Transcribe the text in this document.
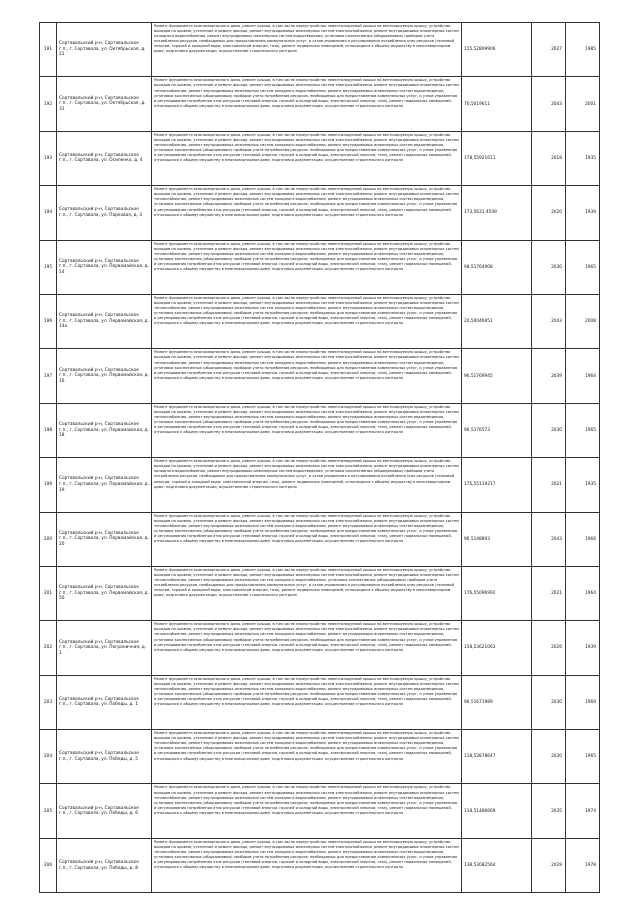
191	Сортавальский р-н, Сортавальское г.п., г. Сортавала, ул. Октябрьская, д. 21	Ремонт фундамента многоквартирного дома, ремонт крыши, в том числе переустройство невентилируемой крыши на вентилируемую крышу, устройство выходов на кровлю, утепление и ремонт фасада, ремонт внутридомовых инженерных систем электроснабжения, ремонт внутридомовых инженерных систем холодного водоснабжения, ремонт внутридомовых инженерных систем водоотведения, установка коллективных (общедомовых) приборов учета потребления ресурсов, необходимых для предоставления коммунальных услуг, и узлов управления и регулирования потребления этих ресурсов (тепловой энергии, горячей и холодной воды, электрической энергии, газа), ремонт подвальных помещений, относящихся к общему имуществу в многоквартирном доме, подготовка документации, осуществление строительного контроля	155,52809906	2027	1985
192	Сортавальский р-н, Сортавальское г.п., г. Сортавала, ул. Октябрьская, д. 31	Ремонт фундамента многоквартирного дома, ремонт крыши, в том числе переустройство невентилируемой крыши на вентилируемую крышу, устройство выходов на кровлю, утепление и ремонт фасада, ремонт внутридомовых инженерных систем электроснабжения, ремонт внутридомовых инженерных систем теплоснабжения, ремонт внутридомовых инженерных систем холодного водоснабжения, ремонт внутридомовых инженерных систем водоотведения, установка коллективных (общедомовых) приборов учета потребления ресурсов, необходимых для предоставления коммунальных услуг, и узлов управления и регулирования потребления этих ресурсов (тепловой энергии, горячей и холодной воды, электрической энергии, газа), ремонт подвальных помещений, относящихся к общему имуществу в многоквартирном доме, подготовка документации, осуществление строительного контроля	70,5019611	2043	2001
193	Сортавальский р-н, Сортавальское г.п., г. Сортавала, ул. Осипенко, д. 4	Ремонт фундамента многоквартирного дома, ремонт крыши, в том числе переустройство невентилируемой крыши на вентилируемую крышу, устройство выходов на кровлю, утепление и ремонт фасада, ремонт внутридомовых инженерных систем электроснабжения, ремонт внутридомовых инженерных систем теплоснабжения, ремонт внутридомовых инженерных систем холодного водоснабжения, ремонт внутридомовых инженерных систем водоотведения, установка коллективных (общедомовых) приборов учета потребления ресурсов, необходимых для предоставления коммунальных услуг, и узлов управления и регулирования потребления этих ресурсов (тепловой энергии, горячей и холодной воды, электрической энергии, газа), ремонт подвальных помещений, относящихся к общему имуществу в многоквартирном доме, подготовка документации, осуществление строительного контроля	178,55921611	2018	1935
194	Сортавальский р-н, Сортавальское г.п., г. Сортавала, ул. Парковая, д. 3	Ремонт фундамента многоквартирного дома, ремонт крыши, в том числе переустройство невентилируемой крыши на вентилируемую крышу, устройство выходов на кровлю, утепление и ремонт фасада, ремонт внутридомовых инженерных систем электроснабжения, ремонт внутридомовых инженерных систем теплоснабжения, ремонт внутридомовых инженерных систем холодного водоснабжения, ремонт внутридомовых инженерных систем водоотведения, установка коллективных (общедомовых) приборов учета потребления ресурсов, необходимых для предоставления коммунальных услуг, и узлов управления и регулирования потребления этих ресурсов (тепловой энергии, горячей и холодной воды, электрической энергии, газа), ремонт подвальных помещений, относящихся к общему имуществу в многоквартирном доме, подготовка документации, осуществление строительного контроля	173,5631 4549	2020	1939
195	Сортавальский р-н, Сортавальское г.п., г. Сортавала, ул. Первомайская, д. 14	Ремонт фундамента многоквартирного дома, ремонт крыши, в том числе переустройство невентилируемой крыши на вентилируемую крышу, устройство выходов на кровлю, утепление и ремонт фасада, ремонт внутридомовых инженерных систем электроснабжения, ремонт внутридомовых инженерных систем теплоснабжения, ремонт внутридомовых инженерных систем холодного водоснабжения, ремонт внутридомовых инженерных систем водоотведения, установка коллективных (общедомовых) приборов учета потребления ресурсов, необходимых для предоставления коммунальных услуг, и узлов управления и регулирования потребления этих ресурсов (тепловой энергии, горячей и холодной воды, электрической энергии, газа), ремонт подвальных помещений, относящихся к общему имуществу в многоквартирном доме, подготовка документации, осуществление строительного контроля	98,51764908	2030	1965
196	Сортавальский р-н, Сортавальское г.п., г. Сортавала, ул. Первомайская, д. 14а	Ремонт фундамента многоквартирного дома, ремонт крыши, в том числе переустройство невентилируемой крыши на вентилируемую крышу, устройство выходов на кровлю, утепление и ремонт фасада, ремонт внутридомовых инженерных систем электроснабжения, ремонт внутридомовых инженерных систем теплоснабжения, ремонт внутридомовых инженерных систем холодного водоснабжения, ремонт внутридомовых инженерных систем водоотведения, установка коллективных (общедомовых) приборов учета потребления ресурсов, необходимых для предоставления коммунальных услуг, и узлов управления и регулирования потребления этих ресурсов (тепловой энергии, горячей и холодной воды, электрической энергии, газа), ремонт подвальных помещений, относящихся к общему имуществу в многоквартирном доме, подготовка документации, осуществление строительного контроля	20,50046951	2043	2008
197	Сортавальский р-н, Сортавальское г.п., г. Сортавала, ул. Первомайская, д. 16	Ремонт фундамента многоквартирного дома, ремонт крыши, в том числе переустройство невентилируемой крыши на вентилируемую крышу, устройство выходов на кровлю, утепление и ремонт фасада, ремонт внутридомовых инженерных систем электроснабжения, ремонт внутридомовых инженерных систем теплоснабжения, ремонт внутридомовых инженерных систем холодного водоснабжения, ремонт внутридомовых инженерных систем водоотведения, установка коллективных (общедомовых) приборов учета потребления ресурсов, необходимых для предоставления коммунальных услуг, и узлов управления и регулирования потребления этих ресурсов (тепловой энергии, горячей и холодной воды, электрической энергии, газа), ремонт подвальных помещений, относящихся к общему имуществу в многоквартирном доме, подготовка документации, осуществление строительного контроля	96,51769945	2039	1964
198	Сортавальский р-н, Сортавальское г.п., г. Сортавала, ул. Первомайская, д. 18	Ремонт фундамента многоквартирного дома, ремонт крыши, в том числе переустройство невентилируемой крыши на вентилируемую крышу, устройство выходов на кровлю, утепление и ремонт фасада, ремонт внутридомовых инженерных систем электроснабжения, ремонт внутридомовых инженерных систем теплоснабжения, ремонт внутридомовых инженерных систем холодного водоснабжения, ремонт внутридомовых инженерных систем водоотведения, установка коллективных (общедомовых) приборов учета потребления ресурсов, необходимых для предоставления коммунальных услуг, и узлов управления и регулирования потребления этих ресурсов (тепловой энергии, горячей и холодной воды, электрической энергии, газа), ремонт подвальных помещений, относящихся к общему имуществу в многоквартирном доме, подготовка документации, осуществление строительного контроля	96,5176573	2030	1965
199	Сортавальский р-н, Сортавальское г.п., г. Сортавала, ул. Первомайская, д. 19	Ремонт фундамента многоквартирного дома, ремонт крыши, в том числе переустройство невентилируемой крыши на вентилируемую крышу, устройство выходов на кровлю, утепление и ремонт фасада, ремонт внутридомовых инженерных систем электроснабжения, ремонт внутридомовых инженерных систем холодного водоснабжения, ремонт внутридомовых инженерных систем водоотведения, установка коллективных (общедомовых) приборов учета потребления ресурсов, необходимых для предоставления коммунальных услуг, и узлов управления и регулирования потребления этих ресурсов (тепловой энергии, горячей и холодной воды, электрической энергии, газа), ремонт подвальных помещений, относящихся к общему имуществу в многоквартирном доме, подготовка документации, осуществление строительного контроля	175,55119217	2021	1935
200	Сортавальский р-н, Сортавальское г.п., г. Сортавала, ул. Первомайская, д. 20	Ремонт фундамента многоквартирного дома, ремонт крыши, в том числе переустройство невентилируемой крыши на вентилируемую крышу, устройство выходов на кровлю, утепление и ремонт фасада, ремонт внутридомовых инженерных систем электроснабжения, ремонт внутридомовых инженерных систем теплоснабжения, ремонт внутридомовых инженерных систем холодного водоснабжения, ремонт внутридомовых инженерных систем водоотведения, установка коллективных (общедомовых) приборов учета потребления ресурсов, необходимых для предоставления коммунальных услуг, и узлов управления и регулирования потребления этих ресурсов (тепловой энергии, горячей и холодной воды, электрической энергии, газа), ремонт подвальных помещений, относящихся к общему имуществу в многоквартирном доме, подготовка документации, осуществление строительного контроля	96,5148893	2043	1966
201	Сортавальский р-н, Сортавальское г.п., г. Сортавала, ул. Первомайская, д. 50	Ремонт фундамента многоквартирного дома, ремонт крыши, в том числе переустройство невентилируемой крыши на вентилируемую крышу, устройство выходов на кровлю, утепление и ремонт фасада, ремонт внутридомовых инженерных систем электроснабжения, ремонт внутридомовых инженерных систем теплоснабжения, ремонт внутридомовых инженерных систем холодного водоснабжения, установка коллективных (общедомовых) приборов учета потребления ресурсов, необходимых для предоставления коммунальных услуг, и узлов управления и регулирования потребления этих ресурсов (тепловой энергии, горячей и холодной воды, электрической энергии, газа), ремонт подвальных помещений, относящихся к общему имуществу в многоквартирном доме, подготовка документации, осуществление строительного контроля	176,55096992	2021	1964
202	Сортавальский р-н, Сортавальское г.п., г. Сортавала, ул. Пограничная, д. 1	Ремонт фундамента многоквартирного дома, ремонт крыши, в том числе переустройство невентилируемой крыши на вентилируемую крышу, устройство выходов на кровлю, утепление и ремонт фасада, ремонт внутридомовых инженерных систем электроснабжения, ремонт внутридомовых инженерных систем теплоснабжения, ремонт внутридомовых инженерных систем холодного водоснабжения, ремонт внутридомовых инженерных систем водоотведения, установка коллективных (общедомовых) приборов учета потребления ресурсов, необходимых для предоставления коммунальных услуг, и узлов управления и регулирования потребления этих ресурсов (тепловой энергии, горячей и холодной воды, электрической энергии, газа), ремонт подвальных помещений, относящихся к общему имуществу в многоквартирном доме, подготовка документации, осуществление строительного контроля	158,53621063	2026	1939
203	Сортавальский р-н, Сортавальское г.п., г. Сортавала, ул. Победы, д. 1	Ремонт фундамента многоквартирного дома, ремонт крыши, в том числе переустройство невентилируемой крыши на вентилируемую крышу, устройство выходов на кровлю, утепление и ремонт фасада, ремонт внутридомовых инженерных систем электроснабжения, ремонт внутридомовых инженерных систем теплоснабжения, ремонт внутридомовых инженерных систем холодного водоснабжения, ремонт внутридомовых инженерных систем водоотведения, установка коллективных (общедомовых) приборов учета потребления ресурсов, необходимых для предоставления коммунальных услуг, и узлов управления и регулирования потребления этих ресурсов (тепловой энергии, горячей и холодной воды, электрической энергии, газа), ремонт подвальных помещений, относящихся к общему имуществу в многоквартирном доме, подготовка документации, осуществление строительного контроля	96,51671989	2030	1969
204	Сортавальский р-н, Сортавальское г.п., г. Сортавала, ул. Победы, д. 5	Ремонт фундамента многоквартирного дома, ремонт крыши, в том числе переустройство невентилируемой крыши на вентилируемую крышу, устройство выходов на кровлю, утепление и ремонт фасада, ремонт внутридомовых инженерных систем электроснабжения, ремонт внутридомовых инженерных систем теплоснабжения, ремонт внутридомовых инженерных систем холодного водоснабжения, ремонт внутридомовых инженерных систем водоотведения, установка коллективных (общедомовых) приборов учета потребления ресурсов, необходимых для предоставления коммунальных услуг, и узлов управления и регулирования потребления этих ресурсов (тепловой энергии, горячей и холодной воды, электрической энергии, газа), ремонт подвальных помещений, относящихся к общему имуществу в многоквартирном доме, подготовка документации, осуществление строительного контроля	118,53878647	2030	1965
205	Сортавальский р-н, Сортавальское г.п., г. Сортавала, ул. Победы, д. 6	Ремонт фундамента многоквартирного дома, ремонт крыши, в том числе переустройство невентилируемой крыши на вентилируемую крышу, устройство выходов на кровлю, утепление и ремонт фасада, ремонт внутридомовых инженерных систем электроснабжения, ремонт внутридомовых инженерных систем теплоснабжения, ремонт внутридомовых инженерных систем холодного водоснабжения, ремонт внутридомовых инженерных систем водоотведения, установка коллективных (общедомовых) приборов учета потребления ресурсов, необходимых для предоставления коммунальных услуг, и узлов управления и регулирования потребления этих ресурсов (тепловой энергии, горячей и холодной воды, электрической энергии, газа), ремонт подвальных помещений, относящихся к общему имуществу в многоквартирном доме, подготовка документации, осуществление строительного контроля	118,51486669	2035	1974
206	Сортавальский р-н, Сортавальское г.п., г. Сортавала, ул. Победы, д. 8	Ремонт фундамента многоквартирного дома, ремонт крыши, в том числе переустройство невентилируемой крыши на вентилируемую крышу, устройство выходов на кровлю, утепление и ремонт фасада, ремонт внутридомовых инженерных систем электроснабжения, ремонт внутридомовых инженерных систем теплоснабжения, ремонт внутридомовых инженерных систем холодного водоснабжения, ремонт внутридомовых инженерных систем водоотведения, установка коллективных (общедомовых) приборов учета потребления ресурсов, необходимых для предоставления коммунальных услуг, и узлов управления и регулирования потребления этих ресурсов (тепловой энергии, горячей и холодной воды, электрической энергии, газа), ремонт подвальных помещений, относящихся к общему имуществу в многоквартирном доме, подготовка документации, осуществление строительного контроля	138,53082564	2029	1978
